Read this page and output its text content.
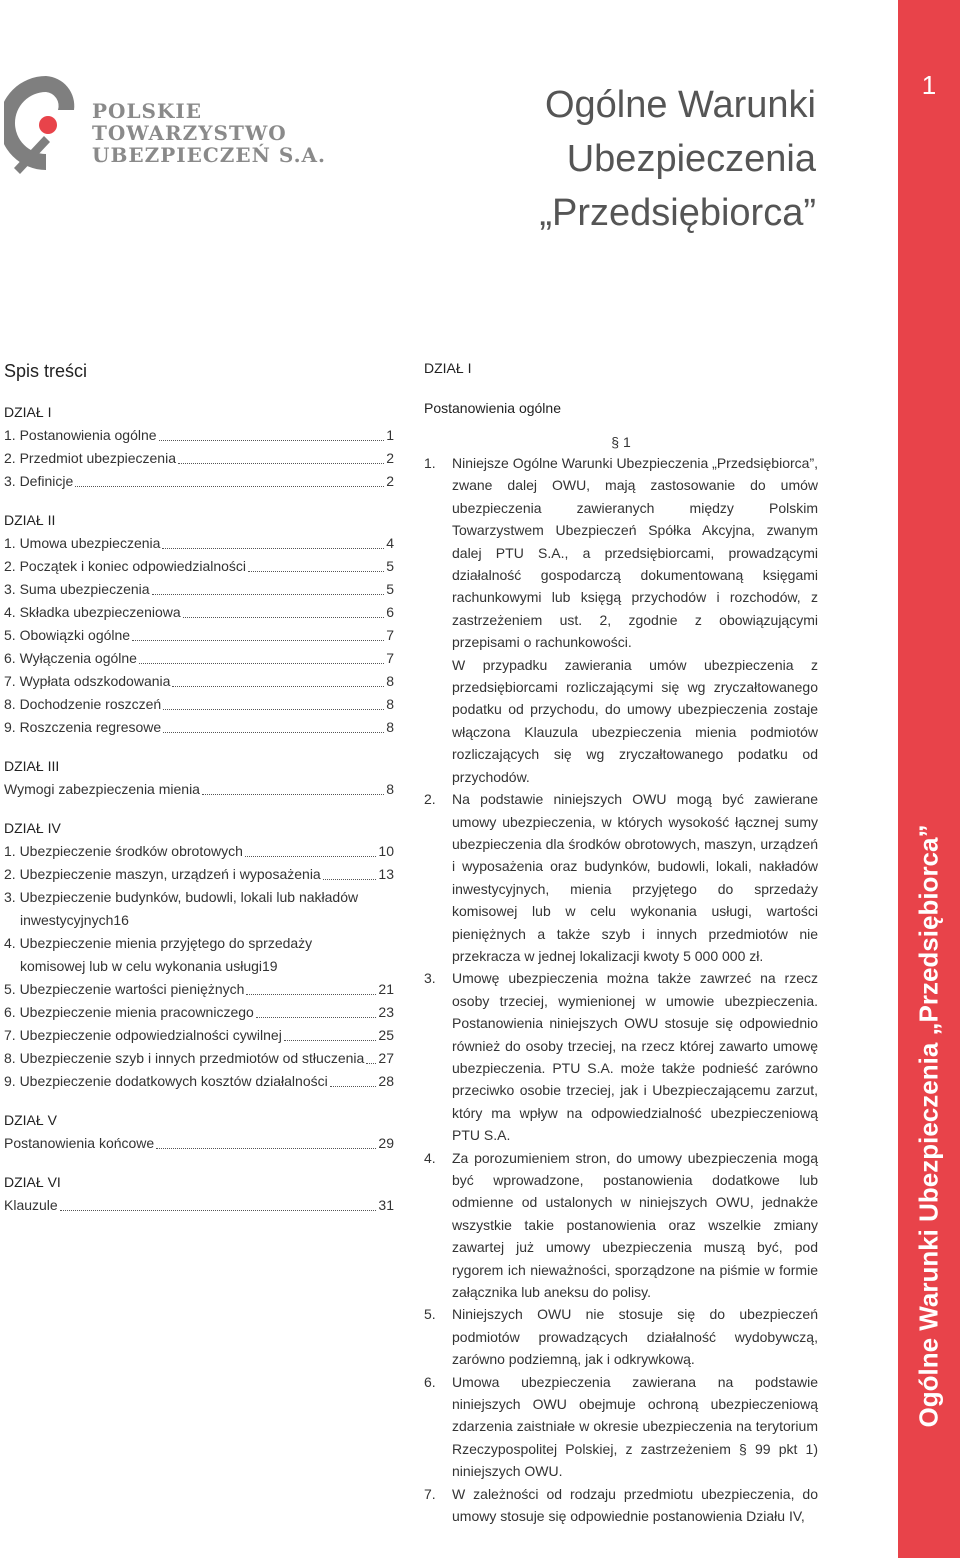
POLSKIE
TOWARZYSTWO
UBEZPIECZEŃ S.A.
Ogólne Warunki
Ubezpieczenia
„Przedsiębiorca”
1
Ogólne Warunki Ubezpieczenia „Przedsiębiorca”
Spis treści
DZIAŁ I
1. Postanowienia ogólne	1
2. Przedmiot ubezpieczenia	2
3. Definicje	2
DZIAŁ II
1. Umowa ubezpieczenia	4
2. Początek i koniec odpowiedzialności	5
3. Suma ubezpieczenia	5
4. Składka ubezpieczeniowa	6
5. Obowiązki ogólne	7
6. Wyłączenia ogólne	7
7. Wypłata odszkodowania	8
8. Dochodzenie roszczeń	8
9. Roszczenia regresowe	8
DZIAŁ III
Wymogi zabezpieczenia mienia	8
DZIAŁ IV
1. Ubezpieczenie środków obrotowych	10
2. Ubezpieczenie maszyn, urządzeń i wyposażenia	13
3. Ubezpieczenie budynków, budowli, lokali lub nakładów
inwestycyjnych 16
4. Ubezpieczenie mienia przyjętego do sprzedaży
komisowej lub w celu wykonania usługi 19
5. Ubezpieczenie wartości pieniężnych	21
6. Ubezpieczenie mienia pracowniczego	23
7. Ubezpieczenie odpowiedzialności cywilnej	25
8. Ubezpieczenie szyb i innych przedmiotów od stłuczenia 27
9. Ubezpieczenie dodatkowych kosztów działalności	28
DZIAŁ V
Postanowienia końcowe	29
DZIAŁ VI
Klauzule	31
DZIAŁ I
Postanowienia ogólne
§ 1
1.	Niniejsze Ogólne Warunki Ubezpieczenia „Przedsiębiorca”, zwane dalej OWU, mają zastosowanie do umów ubezpieczenia zawieranych między Polskim Towarzystwem Ubezpieczeń Spółka Akcyjna, zwanym dalej PTU S.A., a przedsiębiorcami, prowadzącymi działalność gospodarczą dokumentowaną księgami rachunkowymi lub księgą przychodów i rozchodów, z zastrzeżeniem ust. 2, zgodnie z obowiązującymi przepisami o rachunkowości.

W przypadku zawierania umów ubezpieczenia z przedsiębiorcami rozliczającymi się wg zryczałtowanego podatku od przychodu, do umowy ubezpieczenia zostaje włączona Klauzula ubezpieczenia mienia podmiotów rozliczających się wg zryczałtowanego podatku od przychodów.

2.	Na podstawie niniejszych OWU mogą być zawierane umowy ubezpieczenia, w których wysokość łącznej sumy ubezpieczenia dla środków obrotowych, maszyn, urządzeń i wyposażenia oraz budynków, budowli, lokali, nakładów inwestycyjnych, mienia przyjętego do sprzedaży komisowej lub w celu wykonania usługi, wartości pieniężnych a także szyb i innych przedmiotów nie przekracza w jednej lokalizacji kwoty 5 000 000 zł.

3.	Umowę ubezpieczenia można także zawrzeć na rzecz osoby trzeciej, wymienionej w umowie ubezpieczenia. Postanowienia niniejszych OWU stosuje się odpowiednio również do osoby trzeciej, na rzecz której zawarto umowę ubezpieczenia. PTU S.A. może także podnieść zarówno przeciwko osobie trzeciej, jak i Ubezpieczającemu zarzut, który ma wpływ na odpowiedzialność ubezpieczeniową PTU S.A.

4.	Za porozumieniem stron, do umowy ubezpieczenia mogą być wprowadzone, postanowienia dodatkowe lub odmienne od ustalonych w niniejszych OWU, jednakże wszystkie takie postanowienia oraz wszelkie zmiany zawartej już umowy ubezpieczenia muszą być, pod rygorem ich nieważności, sporządzone na piśmie w formie załącznika lub aneksu do polisy.

5.	Niniejszych OWU nie stosuje się do ubezpieczeń podmiotów prowadzących działalność wydobywczą, zarówno podziemną, jak i odkrywkową.

6.	Umowa ubezpieczenia zawierana na podstawie niniejszych OWU obejmuje ochroną ubezpieczeniową zdarzenia zaistniałe w okresie ubezpieczenia na terytorium Rzeczypospolitej Polskiej, z zastrzeżeniem § 99 pkt 1) niniejszych OWU.

7.	W zależności od rodzaju przedmiotu ubezpieczenia, do umowy stosuje się odpowiednie postanowienia Działu IV,
